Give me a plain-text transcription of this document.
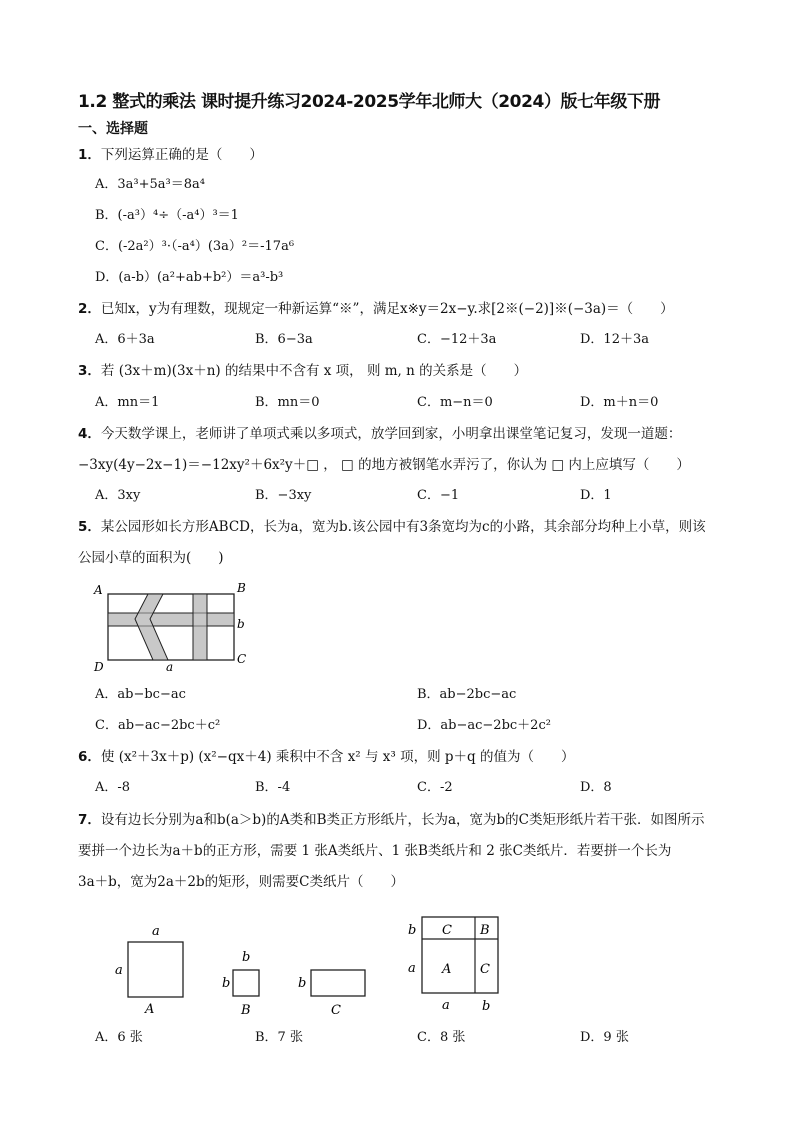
1.2 整式的乘法 课时提升练习2024-2025学年北师大（2024）版七年级下册
一、选择题
1．下列运算正确的是（　　）
A．3a³+5a³＝8a⁴
B．(-a³）⁴÷（-a⁴）³＝1
C．(-2a²）³·（-a⁴）(3a）²＝-17a⁶
D．(a-b）(a²+ab+b²）＝a³-b³
2．已知x，y为有理数，现规定一种新运算“※”，满足x※y＝2x−y.求[2※(−2)]※(−3a)＝（　　）
A．6＋3a	B．6−3a	C．−12＋3a	D．12＋3a
3．若 (3x＋m)(3x＋n) 的结果中不含有 x 项， 则 m, n 的关系是（　　）
A．mn＝1	B．mn＝0	C．m−n＝0	D．m＋n＝0
4．今天数学课上，老师讲了单项式乘以多项式，放学回到家，小明拿出课堂笔记复习，发现一道题：
−3xy(4y−2x−1)＝−12xy²＋6x²y＋□ ， □ 的地方被钢笔水弄污了，你认为 □ 内上应填写（　　）
A．3xy	B．−3xy	C．−1	D．1
5．某公园形如长方形ABCD，长为a，宽为b.该公园中有3条宽均为c的小路，其余部分均种上小草，则该
公园小草的面积为(　　)
A	B
C
D	a
b
A．ab−bc−ac	B．ab−2bc−ac
C．ab−ac−2bc＋c²	D．ab−ac−2bc＋2c²
6．使 (x²＋3x＋p) (x²−qx＋4) 乘积中不含 x² 与 x³ 项，则 p＋q 的值为（　　）
A．-8	B．-4	C．-2	D．8
7．设有边长分别为a和b(a＞b)的A类和B类正方形纸片，长为a，宽为b的C类矩形纸片若干张．如图所示
要拼一个边长为a＋b的正方形，需要 1 张A类纸片、1 张B类纸片和 2 张C类纸片．若要拼一个长为
3a＋b，宽为2a＋2b的矩形，则需要C类纸片（　　）
a
a
A
b
b
B
b
C
C B
A C
b
a
a b
A．6 张	B．7 张	C．8 张	D．9 张
